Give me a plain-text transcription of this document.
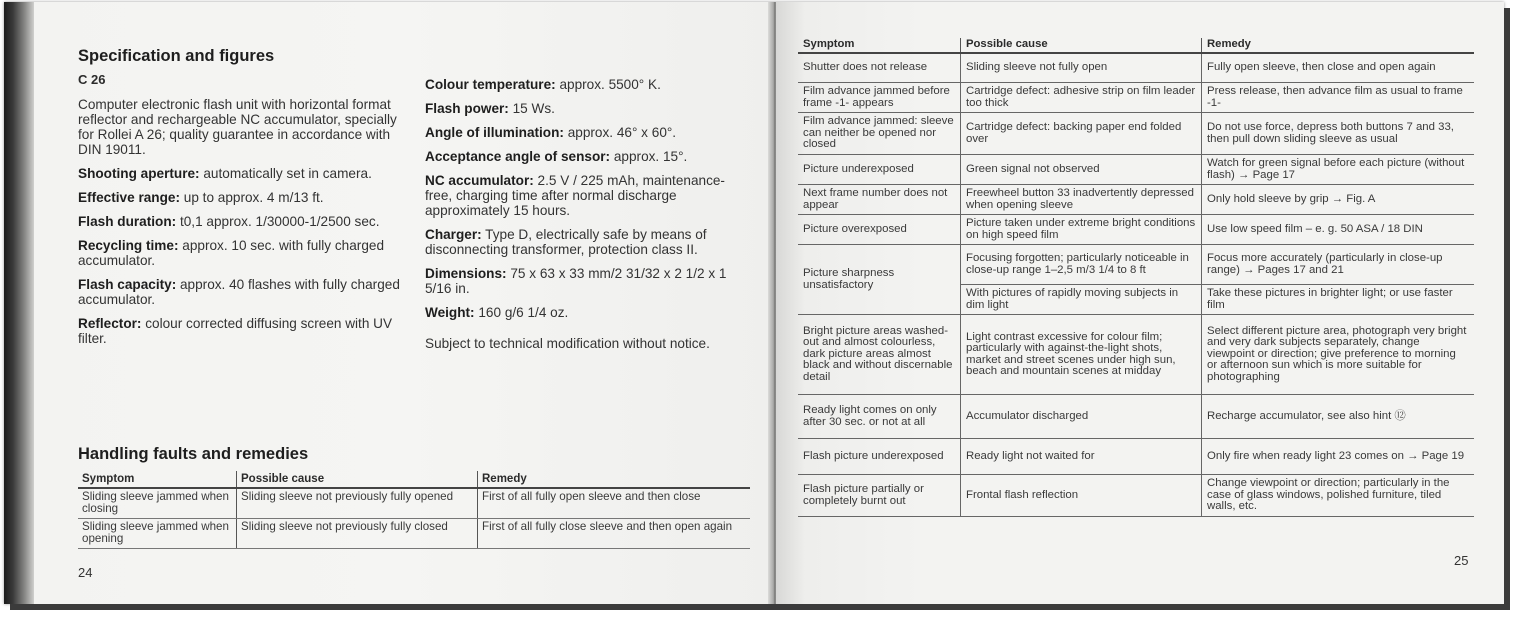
Specification and figures
C 26

Computer electronic flash unit with horizontal format reflector and rechargeable NC accumulator, specially for Rollei A 26; quality guarantee in accordance with DIN 19011.

Shooting aperture: automatically set in camera.

Effective range: up to approx. 4 m/13 ft.

Flash duration: t0,1 approx. 1/30000-1/2500 sec.

Recycling time: approx. 10 sec. with fully charged accumulator.

Flash capacity: approx. 40 flashes with fully charged accumulator.

Reflector: colour corrected diffusing screen with UV filter.

Colour temperature: approx. 5500° K.

Flash power: 15 Ws.

Angle of illumination: approx. 46° x 60°.

Acceptance angle of sensor: approx. 15°.

NC accumulator: 2.5 V / 225 mAh, maintenance-free, charging time after normal discharge approximately 15 hours.

Charger: Type D, electrically safe by means of disconnecting transformer, protection class II.

Dimensions: 75 x 63 x 33 mm/2 31/32 x 2 1/2 x 1 5/16 in.

Weight: 160 g/6 1/4 oz.

Subject to technical modification without notice.

Handling faults and remedies
Symptom	Possible cause	Remedy
Sliding sleeve jammed when closing	Sliding sleeve not previously fully opened	First of all fully open sleeve and then close
Sliding sleeve jammed when opening	Sliding sleeve not previously fully closed	First of all fully close sleeve and then open again
24
Symptom	Possible cause	Remedy
Shutter does not release	Sliding sleeve not fully open	Fully open sleeve, then close and open again
Film advance jammed before frame -1- appears	Cartridge defect: adhesive strip on film leader too thick	Press release, then advance film as usual to frame -1-
Film advance jammed: sleeve can neither be opened nor closed	Cartridge defect: backing paper end folded over	Do not use force, depress both buttons 7 and 33, then pull down sliding sleeve as usual
Picture underexposed	Green signal not observed	Watch for green signal before each picture (without flash) → Page 17
Next frame number does not appear	Freewheel button 33 inadvertently depressed when opening sleeve	Only hold sleeve by grip → Fig. A
Picture overexposed	Picture taken under extreme bright conditions on high speed film	Use low speed film – e. g. 50 ASA / 18 DIN
Picture sharpness unsatisfactory	Focusing forgotten; particularly noticeable in close-up range 1–2,5 m/3 1/4 to 8 ft	Focus more accurately (particularly in close-up range) → Pages 17 and 21
	With pictures of rapidly moving subjects in dim light	Take these pictures in brighter light; or use faster film
Bright picture areas washed-out and almost colourless, dark picture areas almost black and without discernable detail	Light contrast excessive for colour film; particularly with against-the-light shots, market and street scenes under high sun, beach and mountain scenes at midday	Select different picture area, photograph very bright and very dark subjects separately, change viewpoint or direction; give preference to morning or afternoon sun which is more suitable for photographing
Ready light comes on only after 30 sec. or not at all	Accumulator discharged	Recharge accumulator, see also hint ⑫
Flash picture underexposed	Ready light not waited for	Only fire when ready light 23 comes on → Page 19
Flash picture partially or completely burnt out	Frontal flash reflection	Change viewpoint or direction; particularly in the case of glass windows, polished furniture, tiled walls, etc.
25
